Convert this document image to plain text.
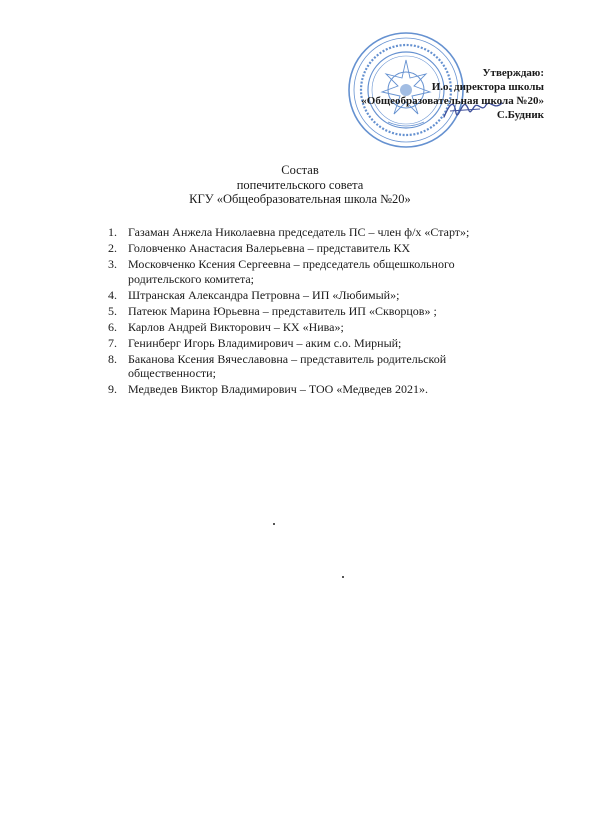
Утверждаю:
И.о. директора школы
«Общеобразовательная школа №20»
С.Будник
Состав
попечительского совета
КГУ «Общеобразовательная школа №20»
1. Газаман Анжела Николаевна председатель ПС – член ф/х «Старт»;
2. Головченко Анастасия Валерьевна – представитель КХ
3. Московченко Ксения Сергеевна – председатель общешкольного родительского комитета;
4. Штранская Александра Петровна – ИП «Любимый»;
5. Патеюк Марина Юрьевна – представитель ИП «Скворцов» ;
6. Карлов Андрей Викторович – КХ «Нива»;
7. Генинберг Игорь Владимирович – аким с.о. Мирный;
8. Баканова Ксения Вячеславовна – представитель родительской общественности;
9. Медведев Виктор Владимирович – ТОО «Медведев 2021».
